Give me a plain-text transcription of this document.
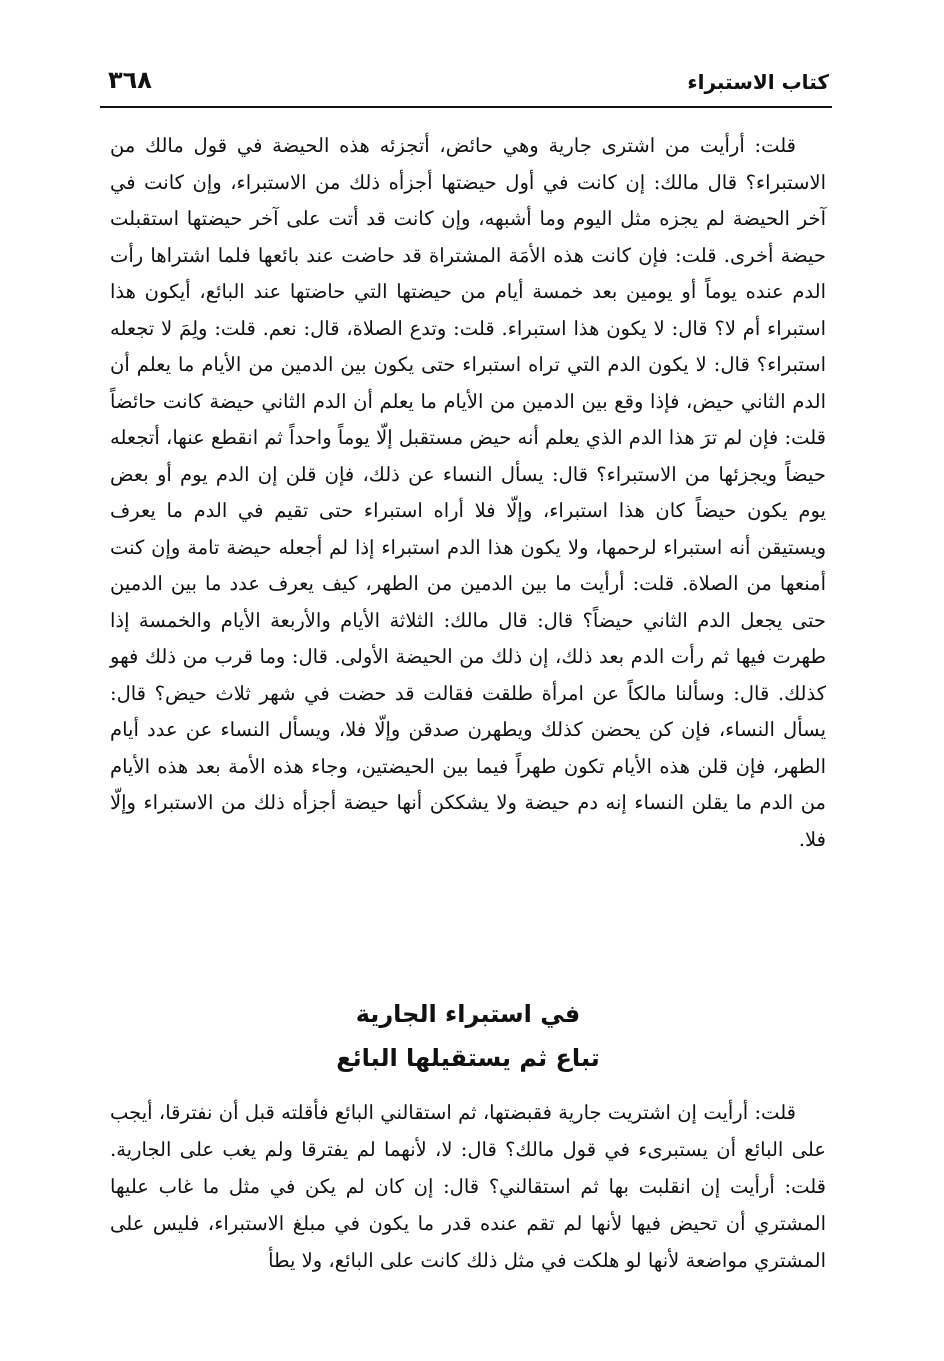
كتاب الاستبراء
٣٦٨

قلت: أرأيت من اشترى جارية وهي حائض، أتجزئه هذه الحيضة في قول مالك من الاستبراء؟ قال مالك: إن كانت في أول حيضتها أجزأه ذلك من الاستبراء، وإن كانت في آخر الحيضة لم يجزه مثل اليوم وما أشبهه، وإن كانت قد أتت على آخر حيضتها استقبلت حيضة أخرى. قلت: فإن كانت هذه الأمَة المشتراة قد حاضت عند بائعها فلما اشتراها رأت الدم عنده يوماً أو يومين بعد خمسة أيام من حيضتها التي حاضتها عند البائع، أيكون هذا استبراء أم لا؟ قال: لا يكون هذا استبراء. قلت: وتدع الصلاة، قال: نعم. قلت: ولِمَ لا تجعله استبراء؟ قال: لا يكون الدم التي تراه استبراء حتى يكون بين الدمين من الأيام ما يعلم أن الدم الثاني حيض، فإذا وقع بين الدمين من الأيام ما يعلم أن الدم الثاني حيضة كانت حائضاً قلت: فإن لم ترَ هذا الدم الذي يعلم أنه حيض مستقبل إلّا يوماً واحداً ثم انقطع عنها، أتجعله حيضاً ويجزئها من الاستبراء؟ قال: يسأل النساء عن ذلك، فإن قلن إن الدم يوم أو بعض يوم يكون حيضاً كان هذا استبراء، وإلّا فلا أراه استبراء حتى تقيم في الدم ما يعرف ويستيقن أنه استبراء لرحمها، ولا يكون هذا الدم استبراء إذا لم أجعله حيضة تامة وإن كنت أمنعها من الصلاة. قلت: أرأيت ما بين الدمين من الطهر، كيف يعرف عدد ما بين الدمين حتى يجعل الدم الثاني حيضاً؟ قال: قال مالك: الثلاثة الأيام والأربعة الأيام والخمسة إذا طهرت فيها ثم رأت الدم بعد ذلك، إن ذلك من الحيضة الأولى. قال: وما قرب من ذلك فهو كذلك. قال: وسألنا مالكاً عن امرأة طلقت فقالت قد حضت في شهر ثلاث حيض؟ قال: يسأل النساء، فإن كن يحضن كذلك ويطهرن صدقن وإلّا فلا، ويسأل النساء عن عدد أيام الطهر، فإن قلن هذه الأيام تكون طهراً فيما بين الحيضتين، وجاء هذه الأمة بعد هذه الأيام من الدم ما يقلن النساء إنه دم حيضة ولا يشككن أنها حيضة أجزأه ذلك من الاستبراء وإلّا فلا.

في استبراء الجارية
تباع ثم يستقيلها البائع

قلت: أرأيت إن اشتريت جارية فقبضتها، ثم استقالني البائع فأقلته قبل أن نفترقا، أيجب على البائع أن يستبرىء في قول مالك؟ قال: لا، لأنهما لم يفترقا ولم يغب على الجارية. قلت: أرأيت إن انقلبت بها ثم استقالني؟ قال: إن كان لم يكن في مثل ما غاب عليها المشتري أن تحيض فيها لأنها لم تقم عنده قدر ما يكون في مبلغ الاستبراء، فليس على المشتري مواضعة لأنها لو هلكت في مثل ذلك كانت على البائع، ولا يطأ
